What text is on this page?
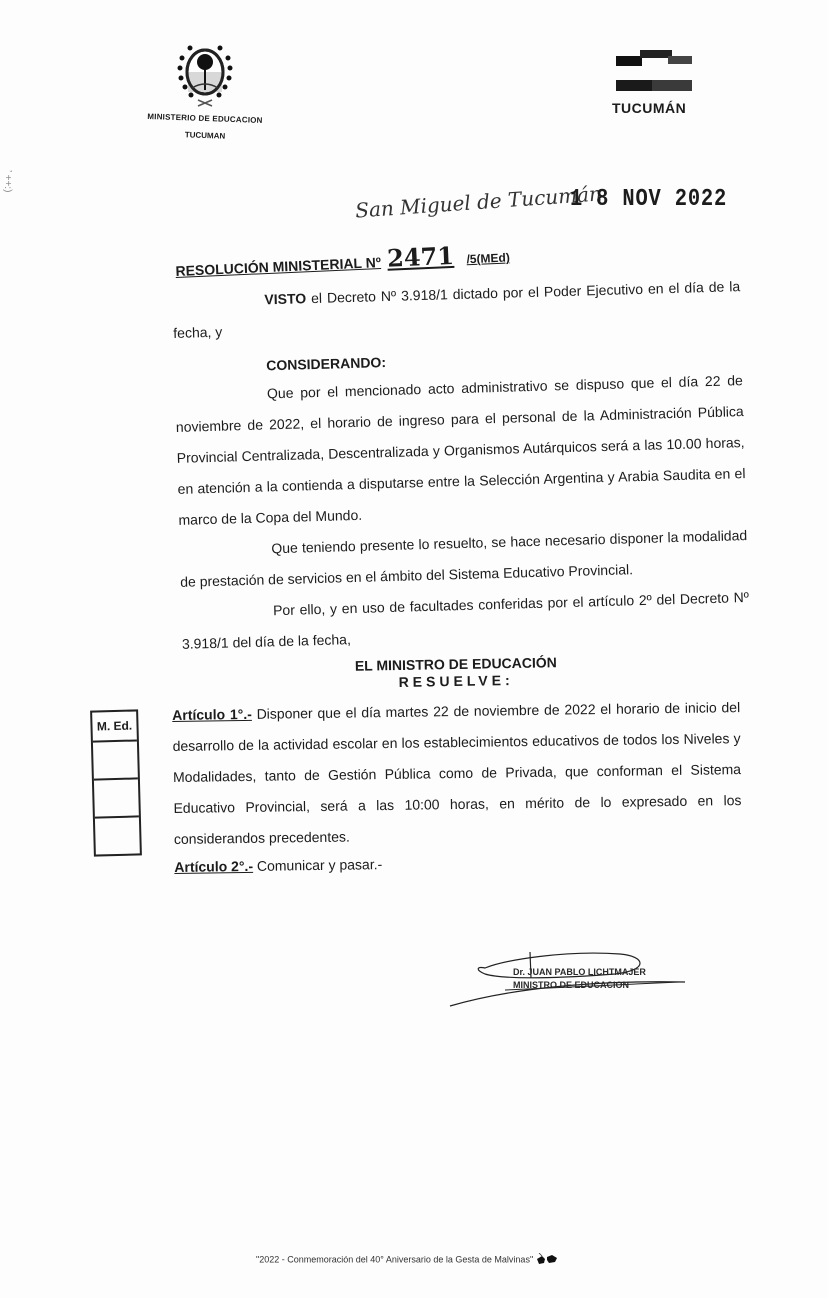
MINISTERIO DE EDUCACION
TUCUMAN
TUCUMÁN
’ ++:)
San Miguel de Tucumán
1 8 NOV 2022
RESOLUCIÓN MINISTERIAL Nº 2471 /5(MEd)

VISTO el Decreto Nº 3.918/1 dictado por el Poder Ejecutivo en el día de la fecha, y

CONSIDERANDO:

Que por el mencionado acto administrativo se dispuso que el día 22 de noviembre de 2022, el horario de ingreso para el personal de la Administración Pública Provincial Centralizada, Descentralizada y Organismos Autárquicos será a las 10.00 horas, en atención a la contienda a disputarse entre la Selección Argentina y Arabia Saudita en el marco de la Copa del Mundo.

Que teniendo presente lo resuelto, se hace necesario disponer la modalidad de prestación de servicios en el ámbito del Sistema Educativo Provincial.

Por ello, y en uso de facultades conferidas por el artículo 2º del Decreto Nº 3.918/1 del día de la fecha,

EL MINISTRO DE EDUCACIÓN
RESUELVE:

Artículo 1°.- Disponer que el día martes 22 de noviembre de 2022 el horario de inicio del desarrollo de la actividad escolar en los establecimientos educativos de todos los Niveles y Modalidades, tanto de Gestión Pública como de Privada, que conforman el Sistema Educativo Provincial, será a las 10:00 horas, en mérito de lo expresado en los considerandos precedentes.

Artículo 2°.- Comunicar y pasar.-

M. Ed.
Dr. JUAN PABLO LICHTMAJER
MINISTRO DE EDUCACION
"2022 - Conmemoración del 40° Aniversario de la Gesta de Malvinas"
